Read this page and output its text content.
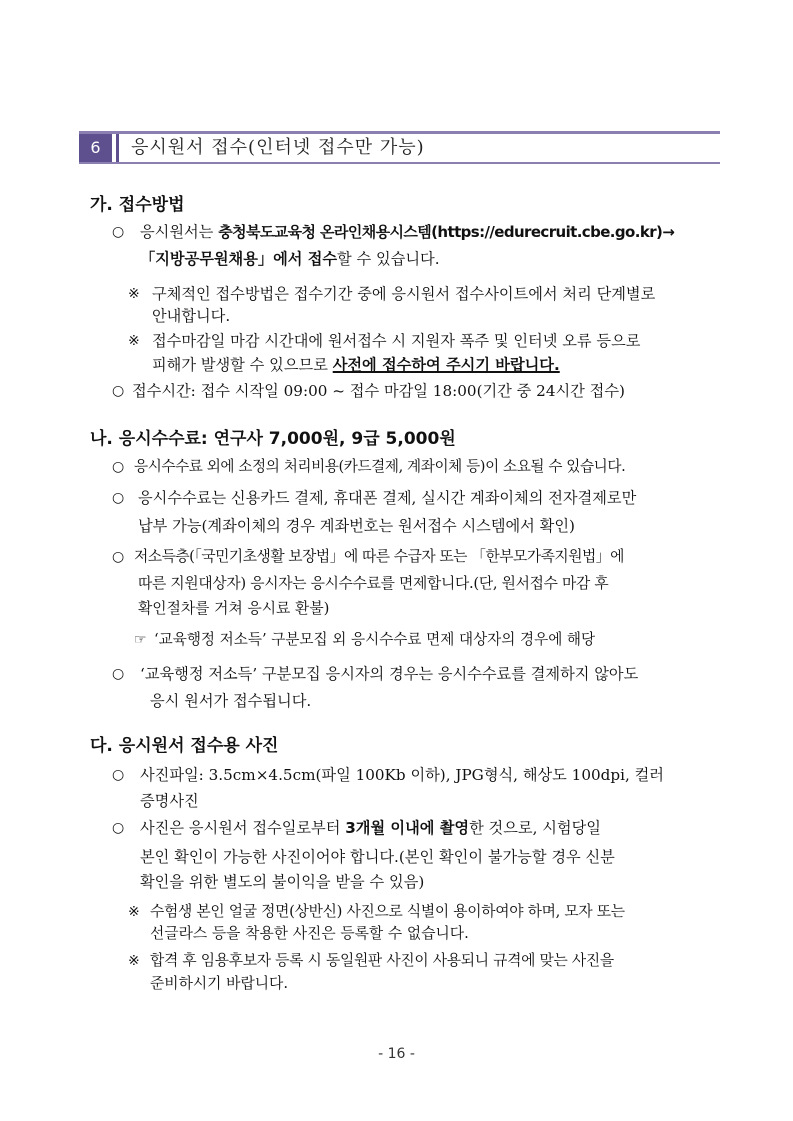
6	응시원서 접수(인터넷 접수만 가능)
가. 접수방법
○ 응시원서는 충청북도교육청 온라인채용시스템(https://edurecruit.cbe.go.kr)→
「지방공무원채용」에서 접수할 수 있습니다.
※ 구체적인 접수방법은 접수기간 중에 응시원서 접수사이트에서 처리 단계별로
안내합니다.
※ 접수마감일 마감 시간대에 원서접수 시 지원자 폭주 및 인터넷 오류 등으로
피해가 발생할 수 있으므로 사전에 접수하여 주시기 바랍니다.
○ 접수시간: 접수 시작일 09:00 ~ 접수 마감일 18:00(기간 중 24시간 접수)
나. 응시수수료: 연구사 7,000원, 9급 5,000원
○ 응시수수료 외에 소정의 처리비용(카드결제, 계좌이체 등)이 소요될 수 있습니다.
○ 응시수수료는 신용카드 결제, 휴대폰 결제, 실시간 계좌이체의 전자결제로만
납부 가능(계좌이체의 경우 계좌번호는 원서접수 시스템에서 확인)
○ 저소득층(「국민기초생활 보장법」에 따른 수급자 또는 「한부모가족지원법」에
따른 지원대상자) 응시자는 응시수수료를 면제합니다.(단, 원서접수 마감 후
확인절차를 거쳐 응시료 환불)
☞ ‘교육행정 저소득’ 구분모집 외 응시수수료 면제 대상자의 경우에 해당
○ ‘교육행정 저소득’ 구분모집 응시자의 경우는 응시수수료를 결제하지 않아도
응시 원서가 접수됩니다.
다. 응시원서 접수용 사진
○ 사진파일: 3.5cm×4.5cm(파일 100Kb 이하), JPG형식, 해상도 100dpi, 컬러
증명사진
○ 사진은 응시원서 접수일로부터 3개월 이내에 촬영한 것으로, 시험당일
본인 확인이 가능한 사진이어야 합니다.(본인 확인이 불가능할 경우 신분
확인을 위한 별도의 불이익을 받을 수 있음)
※ 수험생 본인 얼굴 정면(상반신) 사진으로 식별이 용이하여야 하며, 모자 또는
선글라스 등을 착용한 사진은 등록할 수 없습니다.
※ 합격 후 임용후보자 등록 시 동일원판 사진이 사용되니 규격에 맞는 사진을
준비하시기 바랍니다.
- 16 -
